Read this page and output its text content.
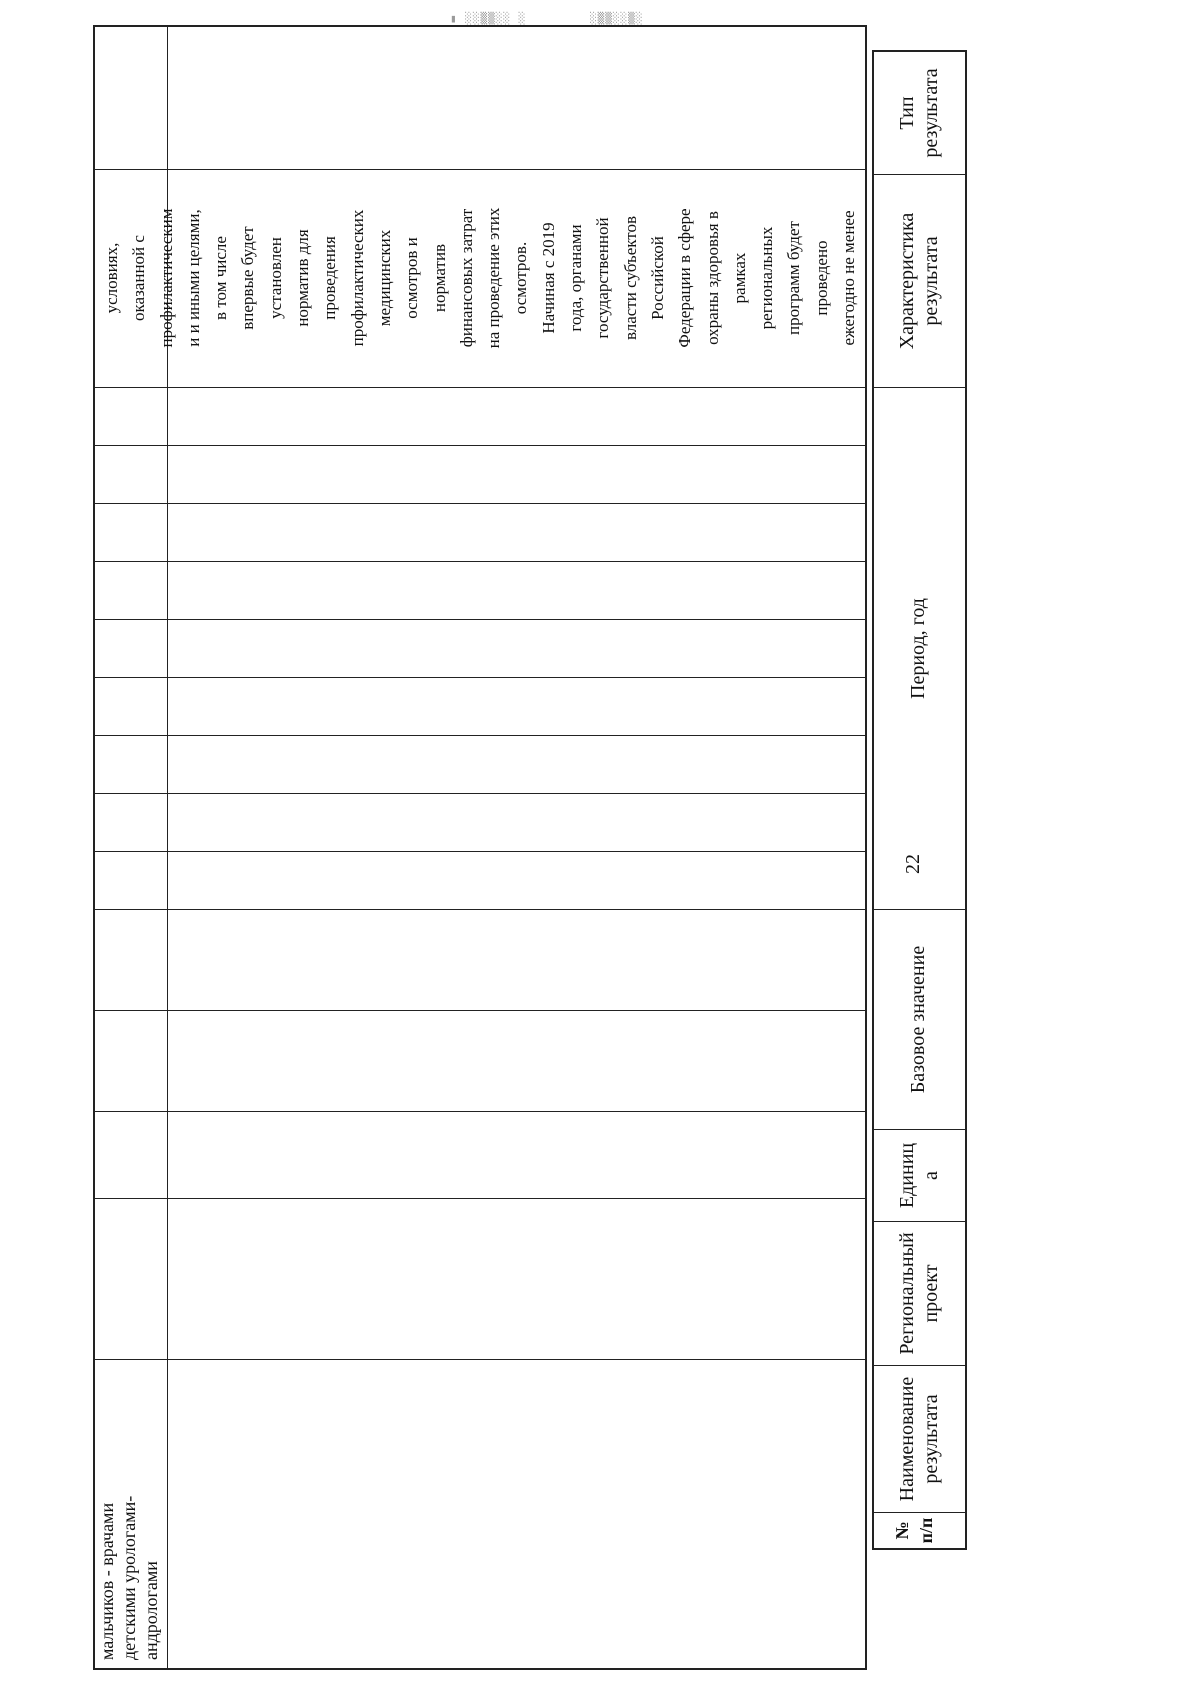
▮ ░░▒▒░░ ░	░▒▒░░▒░
мальчиков - врачами
детскими урологами-
андрологами
условиях,
оказанной с
профилактическим
и и иными целями,
в том числе
впервые будет
установлен
норматив для
проведения
профилактических
медицинских
осмотров и
норматив
финансовых затрат
на проведение этих
осмотров.
Начиная с 2019
года, органами
государственной
власти субъектов
Российской
Федерации в сфере
охраны здоровья в
рамках
региональных
программ будет
проведено
ежегодно не менее
22
№
п/п
Наименование
результата
Региональный
проект
Единиц
а
Базовое значение
Период, год
Характеристика
результата
Тип
результата
